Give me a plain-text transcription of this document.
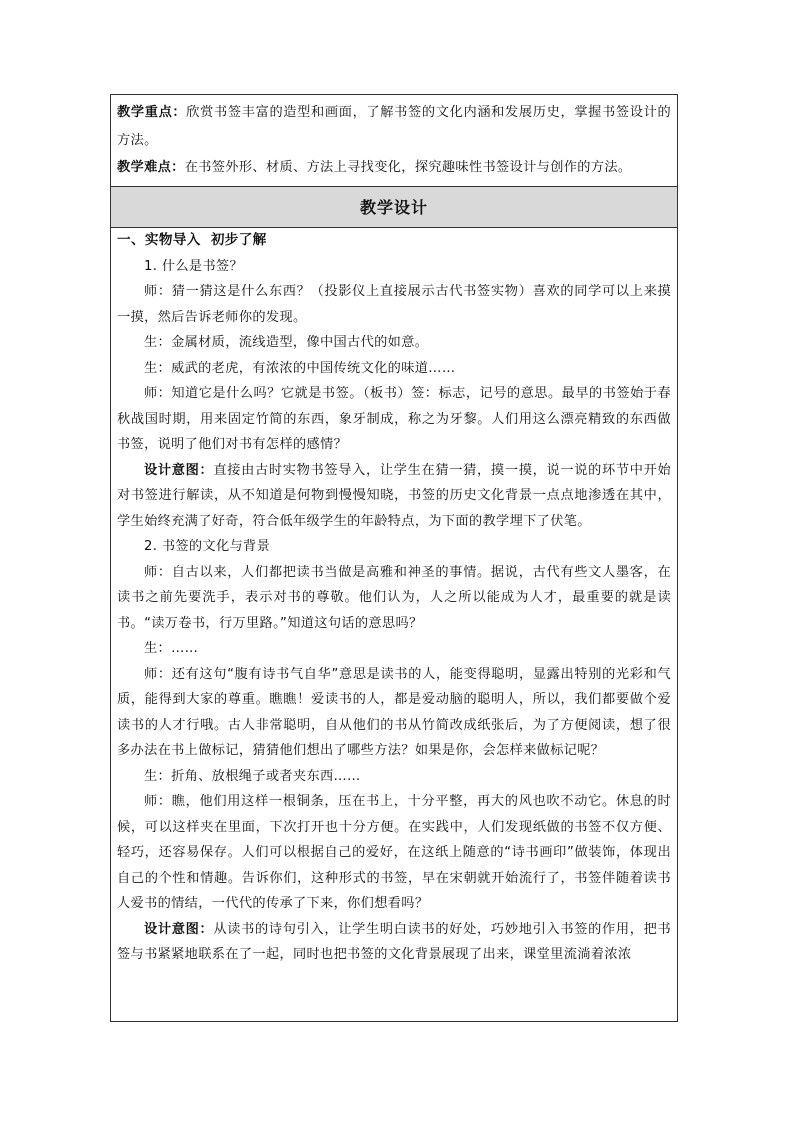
教学重点：欣赏书签丰富的造型和画面，了解书签的文化内涵和发展历史，掌握书签设计的方法。

教学难点：在书签外形、材质、方法上寻找变化，探究趣味性书签设计与创作的方法。

教学设计

一、实物导入  初步了解

1. 什么是书签？

师：猜一猜这是什么东西？（投影仪上直接展示古代书签实物）喜欢的同学可以上来摸一摸，然后告诉老师你的发现。

生：金属材质，流线造型，像中国古代的如意。

生：威武的老虎，有浓浓的中国传统文化的味道……

师：知道它是什么吗？它就是书签。（板书）签：标志，记号的意思。最早的书签始于春秋战国时期，用来固定竹简的东西，象牙制成，称之为牙黎。人们用这么漂亮精致的东西做书签，说明了他们对书有怎样的感情？

设计意图：直接由古时实物书签导入，让学生在猜一猜，摸一摸，说一说的环节中开始对书签进行解读，从不知道是何物到慢慢知晓，书签的历史文化背景一点点地渗透在其中，学生始终充满了好奇，符合低年级学生的年龄特点，为下面的教学埋下了伏笔。

2. 书签的文化与背景

师：自古以来，人们都把读书当做是高雅和神圣的事情。据说，古代有些文人墨客，在读书之前先要洗手，表示对书的尊敬。他们认为，人之所以能成为人才，最重要的就是读书。“读万卷书，行万里路。”知道这句话的意思吗？

生：……

师：还有这句“腹有诗书气自华”意思是读书的人，能变得聪明，显露出特别的光彩和气质，能得到大家的尊重。瞧瞧！爱读书的人，都是爱动脑的聪明人，所以，我们都要做个爱读书的人才行哦。古人非常聪明，自从他们的书从竹简改成纸张后，为了方便阅读，想了很多办法在书上做标记，猜猜他们想出了哪些方法？如果是你，会怎样来做标记呢？

生：折角、放根绳子或者夹东西……

师：瞧，他们用这样一根铜条，压在书上，十分平整，再大的风也吹不动它。休息的时候，可以这样夹在里面，下次打开也十分方便。在实践中，人们发现纸做的书签不仅方便、轻巧，还容易保存。人们可以根据自己的爱好，在这纸上随意的“诗书画印”做装饰，体现出自己的个性和情趣。告诉你们，这种形式的书签，早在宋朝就开始流行了，书签伴随着读书人爱书的情结，一代代的传承了下来，你们想看吗？

设计意图：从读书的诗句引入，让学生明白读书的好处，巧妙地引入书签的作用，把书签与书紧紧地联系在了一起，同时也把书签的文化背景展现了出来，课堂里流淌着浓浓
